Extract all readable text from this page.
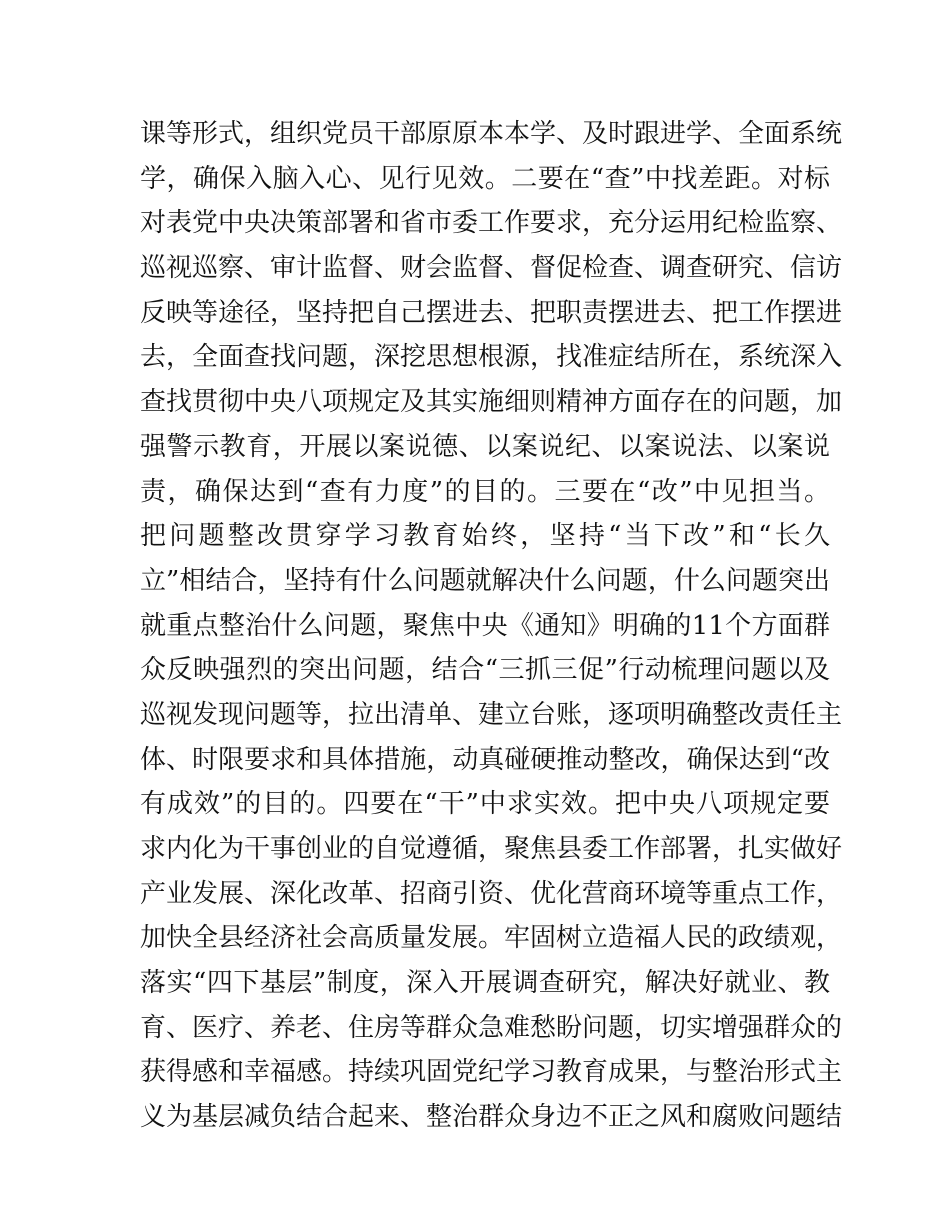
课等形式，组织党员干部原原本本学、及时跟进学、全面系统
学，确保入脑入心、见行见效。二要在“查”中找差距。对标
对表党中央决策部署和省市委工作要求，充分运用纪检监察、
巡视巡察、审计监督、财会监督、督促检查、调查研究、信访
反映等途径，坚持把自己摆进去、把职责摆进去、把工作摆进
去，全面查找问题，深挖思想根源，找准症结所在，系统深入
查找贯彻中央八项规定及其实施细则精神方面存在的问题，加
强警示教育，开展以案说德、以案说纪、以案说法、以案说
责，确保达到“查有力度”的目的。三要在“改”中见担当。
把问题整改贯穿学习教育始终，坚持“当下改”和“长久
立”相结合，坚持有什么问题就解决什么问题，什么问题突出
就重点整治什么问题，聚焦中央《通知》明确的11个方面群
众反映强烈的突出问题，结合“三抓三促”行动梳理问题以及
巡视发现问题等，拉出清单、建立台账，逐项明确整改责任主
体、时限要求和具体措施，动真碰硬推动整改，确保达到“改
有成效”的目的。四要在“干”中求实效。把中央八项规定要
求内化为干事创业的自觉遵循，聚焦县委工作部署，扎实做好
产业发展、深化改革、招商引资、优化营商环境等重点工作，
加快全县经济社会高质量发展。牢固树立造福人民的政绩观，
落实“四下基层”制度，深入开展调查研究，解决好就业、教
育、医疗、养老、住房等群众急难愁盼问题，切实增强群众的
获得感和幸福感。持续巩固党纪学习教育成果，与整治形式主
义为基层减负结合起来、整治群众身边不正之风和腐败问题结
